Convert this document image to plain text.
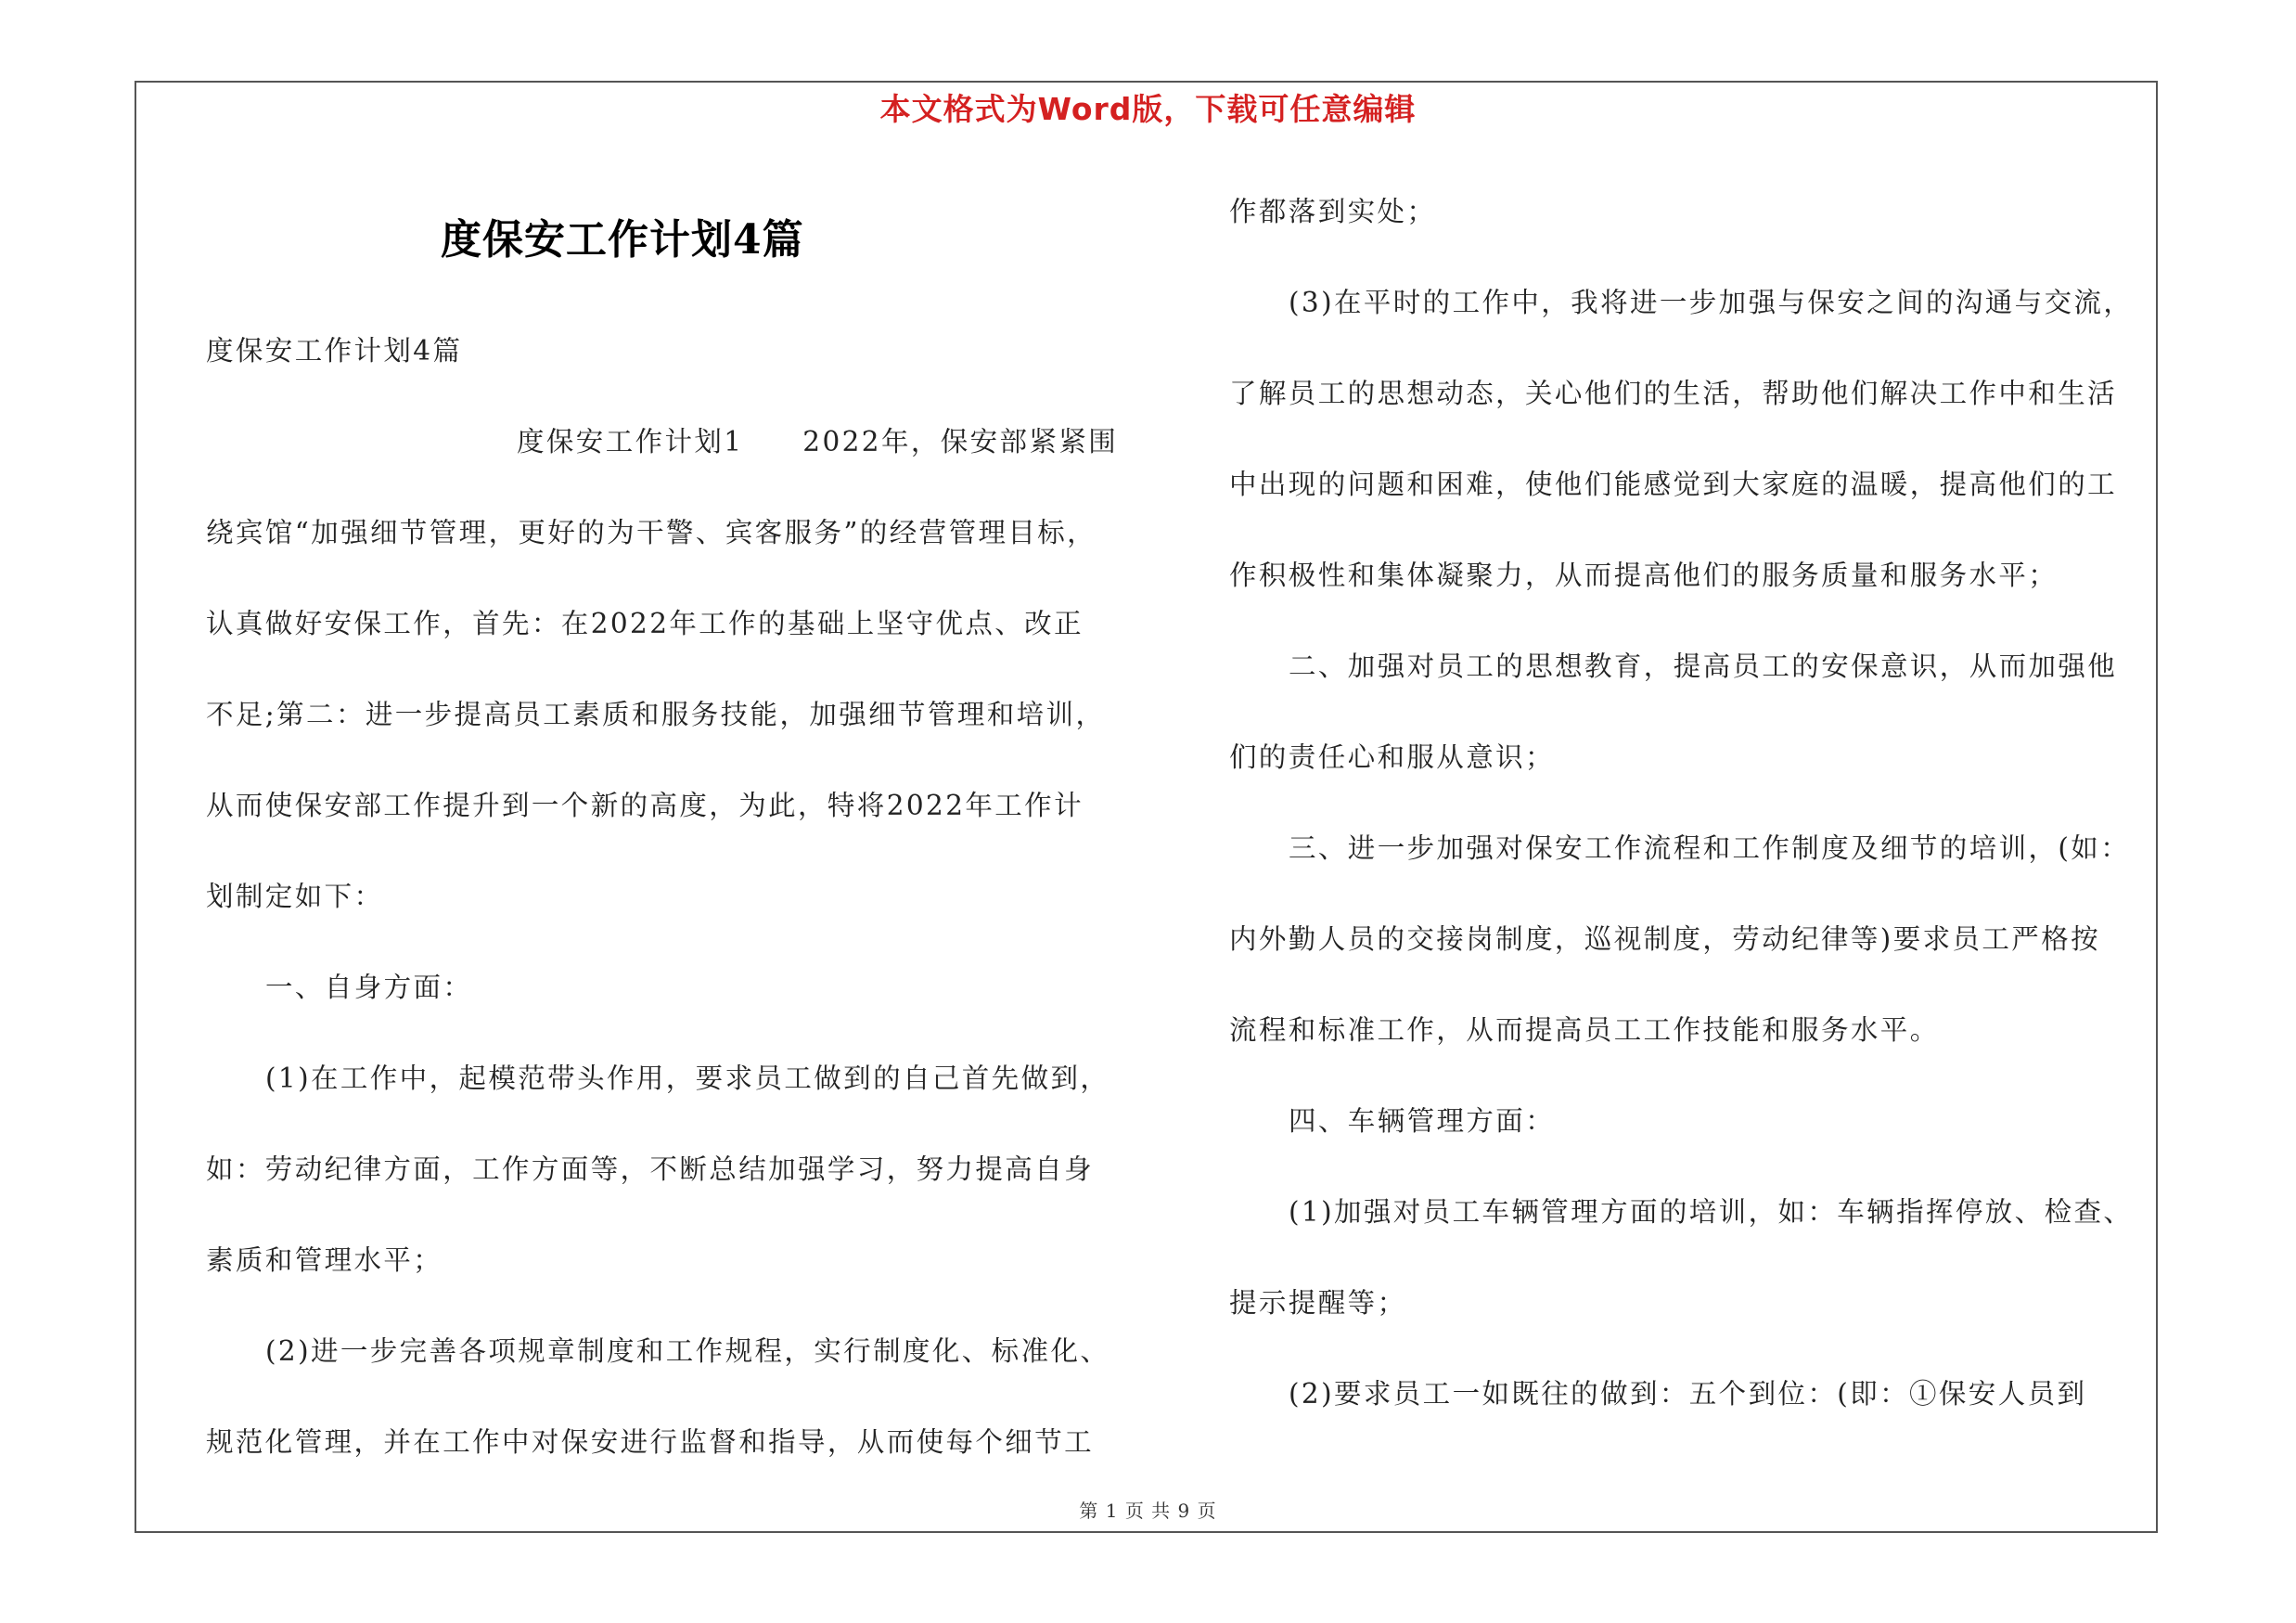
本文格式为Word版，下载可任意编辑
度保安工作计划4篇
度保安工作计划4篇
度保安工作计划1　　2022年，保安部紧紧围
绕宾馆“加强细节管理，更好的为干警、宾客服务”的经营管理目标，
认真做好安保工作，首先：在2022年工作的基础上坚守优点、改正
不足;第二：进一步提高员工素质和服务技能，加强细节管理和培训，
从而使保安部工作提升到一个新的高度，为此，特将2022年工作计
划制定如下：
一、自身方面：
(1)在工作中，起模范带头作用，要求员工做到的自己首先做到，
如：劳动纪律方面，工作方面等，不断总结加强学习，努力提高自身
素质和管理水平；
(2)进一步完善各项规章制度和工作规程，实行制度化、标准化、
规范化管理，并在工作中对保安进行监督和指导，从而使每个细节工
作都落到实处；
(3)在平时的工作中，我将进一步加强与保安之间的沟通与交流，
了解员工的思想动态，关心他们的生活，帮助他们解决工作中和生活
中出现的问题和困难，使他们能感觉到大家庭的温暖，提高他们的工
作积极性和集体凝聚力，从而提高他们的服务质量和服务水平；
二、加强对员工的思想教育，提高员工的安保意识，从而加强他
们的责任心和服从意识；
三、进一步加强对保安工作流程和工作制度及细节的培训，(如：
内外勤人员的交接岗制度，巡视制度，劳动纪律等)要求员工严格按
流程和标准工作，从而提高员工工作技能和服务水平。
四、车辆管理方面：
(1)加强对员工车辆管理方面的培训，如：车辆指挥停放、检查、
提示提醒等；
(2)要求员工一如既往的做到：五个到位：(即：①保安人员到
第 1 页 共 9 页
